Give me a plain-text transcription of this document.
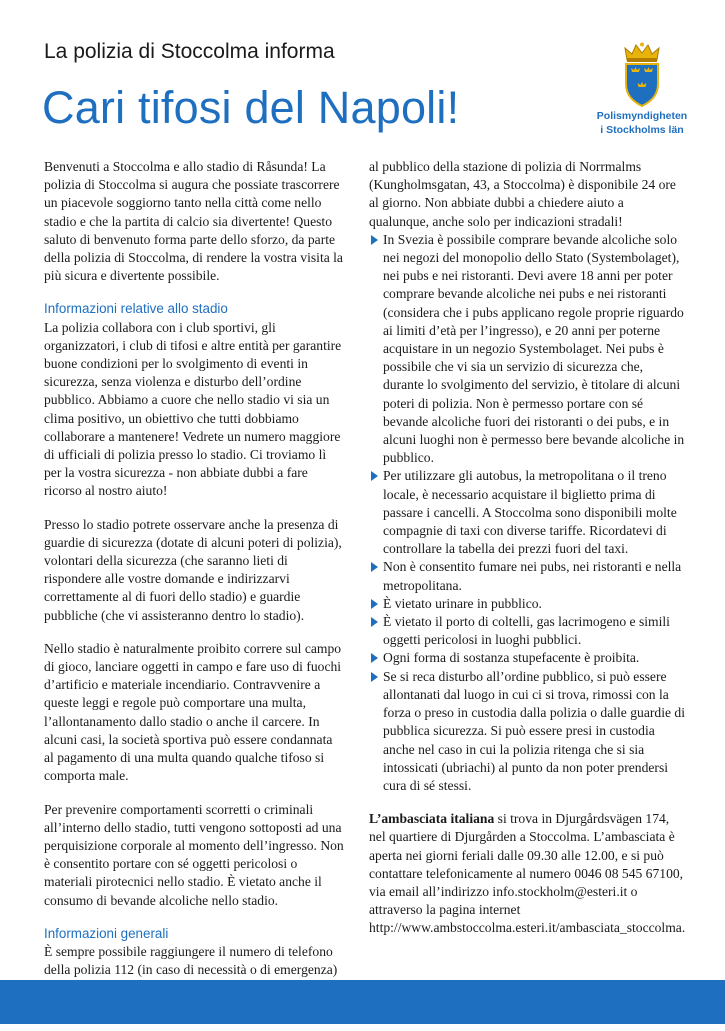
La polizia di Stoccolma informa
Cari tifosi del Napoli!	Polismyndigheten
i Stockholms län

Benvenuti a Stoccolma e allo stadio di Råsunda! La polizia di Stoccolma si augura che possiate trascorrere un piacevole soggiorno tanto nella città come nello stadio e che la partita di calcio sia divertente! Questo saluto di benvenuto forma parte dello sforzo, da parte della polizia di Stoccolma, di rendere la vostra visita la più sicura e divertente possibile.

Informazioni relative allo stadio

La polizia collabora con i club sportivi, gli organizzatori, i club di tifosi e altre entità per garantire buone condizioni per lo svolgimento di eventi in sicurezza, senza violenza e disturbo dell’ordine pubblico. Abbiamo a cuore che nello stadio vi sia un clima positivo, un obiettivo che tutti dobbiamo collaborare a mantenere! Vedrete un numero maggiore di ufficiali di polizia presso lo stadio. Ci troviamo lì per la vostra sicurezza - non abbiate dubbi a fare ricorso al nostro aiuto!

Presso lo stadio potrete osservare anche la presenza di guardie di sicurezza (dotate di alcuni poteri di polizia), volontari della sicurezza (che saranno lieti di rispondere alle vostre domande e indirizzarvi correttamente al di fuori dello stadio) e guardie pubbliche (che vi assisteranno dentro lo stadio).

Nello stadio è naturalmente proibito correre sul campo di gioco, lanciare oggetti in campo e fare uso di fuochi d’artificio e materiale incendiario. Contravvenire a queste leggi e regole può comportare una multa, l’allontanamento dallo stadio o anche il carcere. In alcuni casi, la società sportiva può essere condannata al pagamento di una multa quando qualche tifoso si comporta male.

Per prevenire comportamenti scorretti o criminali all’interno dello stadio, tutti vengono sottoposti ad una perquisizione corporale al momento dell’ingresso. Non è consentito portare con sé oggetti pericolosi o materiali pirotecnici nello stadio. È vietato anche il consumo di bevande alcoliche nello stadio.

Informazioni generali

È sempre possibile raggiungere il numero di telefono della polizia 112 (in caso di necessità o di emergenza)

al pubblico della stazione di polizia di Norrmalms (Kungholmsgatan, 43, a Stoccolma) è disponibile 24 ore al giorno. Non abbiate dubbi a chiedere aiuto a qualunque, anche solo per indicazioni stradali!

In Svezia è possibile comprare bevande alcoliche solo nei negozi del monopolio dello Stato (Systembolaget), nei pubs e nei ristoranti. Devi avere 18 anni per poter comprare bevande alcoliche nei pubs e nei ristoranti (considera che i pubs applicano regole proprie riguardo ai limiti d’età per l’ingresso), e 20 anni per poterne acquistare in un negozio Systembolaget. Nei pubs è possibile che vi sia un servizio di sicurezza che, durante lo svolgimento del servizio, è titolare di alcuni poteri di polizia. Non è permesso portare con sé bevande alcoliche fuori dei ristoranti o dei pubs, e in alcuni luoghi non è permesso bere bevande alcoliche in pubblico.
Per utilizzare gli autobus, la metropolitana o il treno locale, è necessario acquistare il biglietto prima di passare i cancelli. A Stoccolma sono disponibili molte compagnie di taxi con diverse tariffe. Ricordatevi di controllare la tabella dei prezzi fuori del taxi.
Non è consentito fumare nei pubs, nei ristoranti e nella metropolitana.
È vietato urinare in pubblico.
È vietato il porto di coltelli, gas lacrimogeno e simili oggetti pericolosi in luoghi pubblici.
Ogni forma di sostanza stupefacente è proibita.
Se si reca disturbo all’ordine pubblico, si può essere allontanati dal luogo in cui ci si trova, rimossi con la forza o preso in custodia dalla polizia o dalle guardie di pubblica sicurezza. Si può essere presi in custodia anche nel caso in cui la polizia ritenga che si sia intossicati (ubriachi) al punto da non poter prendersi cura di sé stessi.

L’ambasciata italiana si trova in Djurgårdsvägen 174, nel quartiere di Djurgården a Stoccolma. L’ambasciata è aperta nei giorni feriali dalle 09.30 alle 12.00, e si può contattare telefonicamente al numero 0046 08 545 67100, via email all’indirizzo info.stockholm@esteri.it o attraverso la pagina internet http://www.ambstoccolma.esteri.it/ambasciata_stoccolma.
